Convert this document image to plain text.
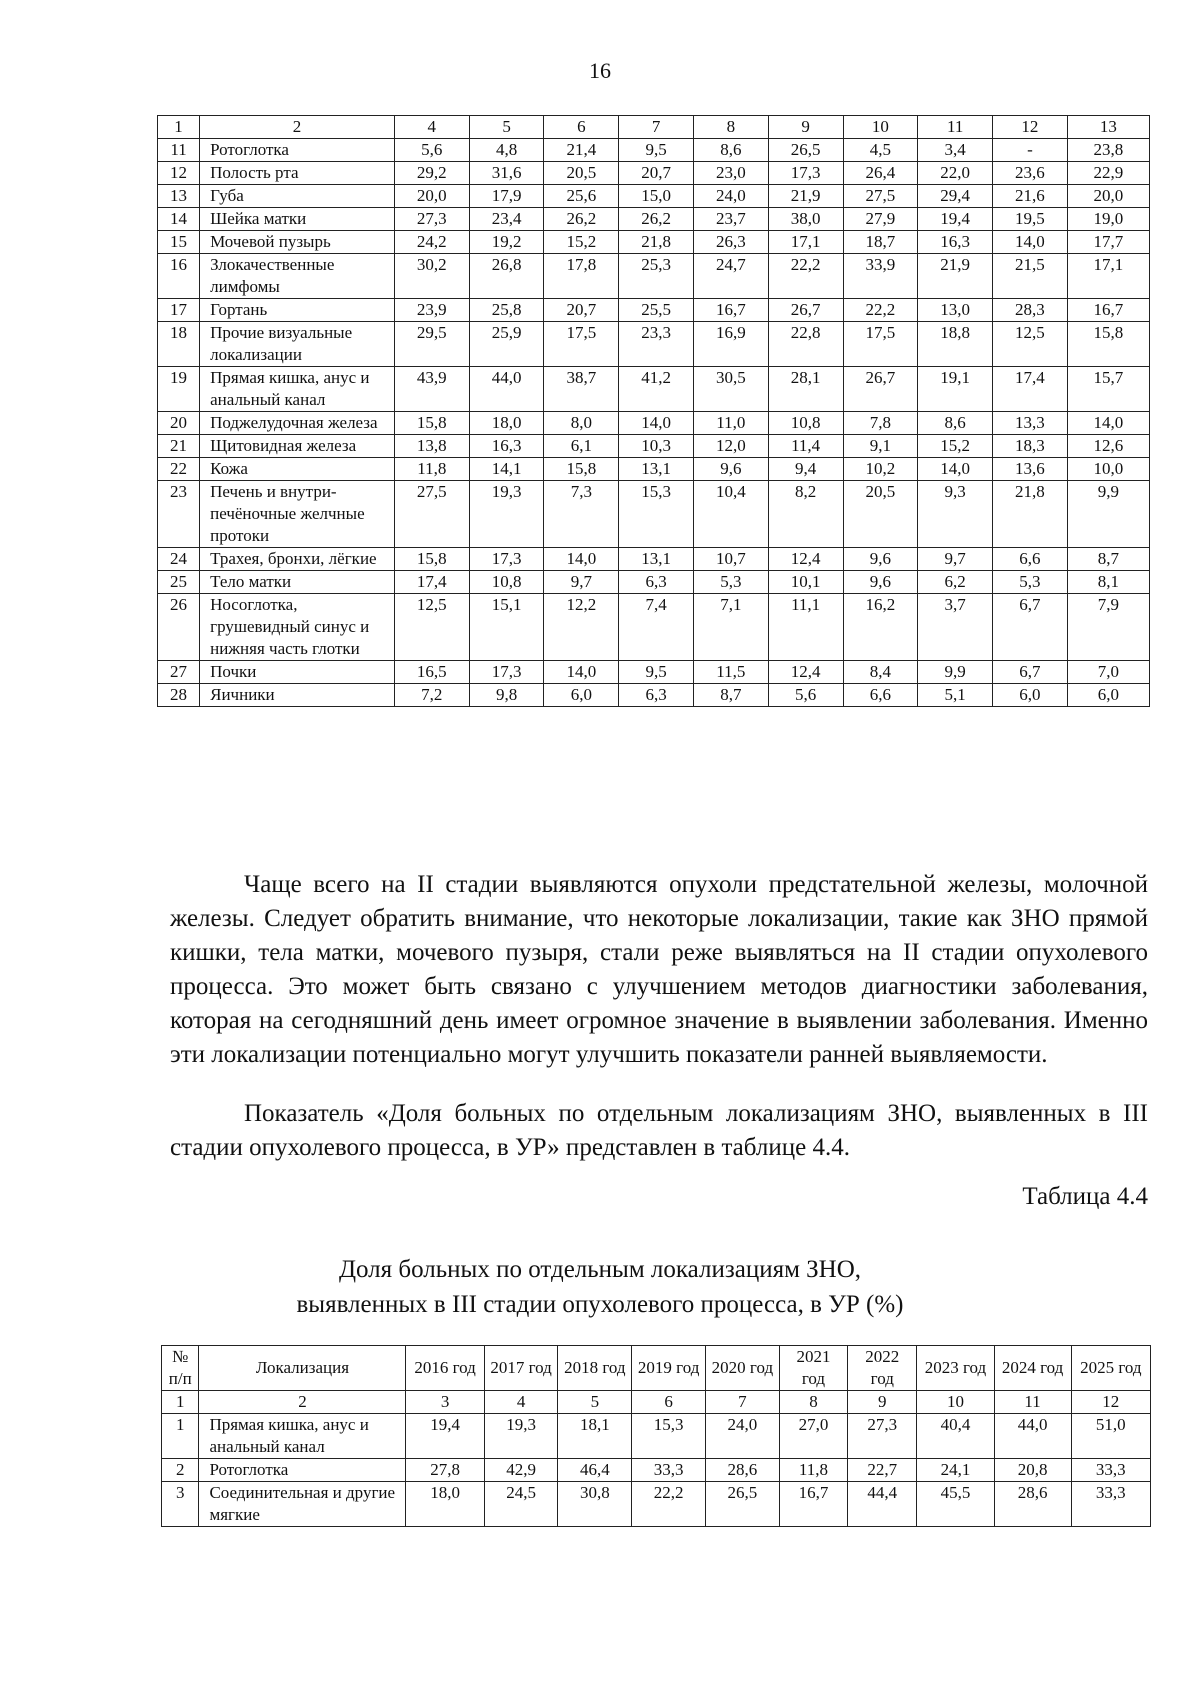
16
1	2	4	5	6	7	8	9	10	11	12	13
11	Ротоглотка	5,6	4,8	21,4	9,5	8,6	26,5	4,5	3,4	-	23,8
12	Полость рта	29,2	31,6	20,5	20,7	23,0	17,3	26,4	22,0	23,6	22,9
13	Губа	20,0	17,9	25,6	15,0	24,0	21,9	27,5	29,4	21,6	20,0
14	Шейка матки	27,3	23,4	26,2	26,2	23,7	38,0	27,9	19,4	19,5	19,0
15	Мочевой пузырь	24,2	19,2	15,2	21,8	26,3	17,1	18,7	16,3	14,0	17,7
16	Злокачественные лимфомы	30,2	26,8	17,8	25,3	24,7	22,2	33,9	21,9	21,5	17,1
17	Гортань	23,9	25,8	20,7	25,5	16,7	26,7	22,2	13,0	28,3	16,7
18	Прочие визуальные локализации	29,5	25,9	17,5	23,3	16,9	22,8	17,5	18,8	12,5	15,8
19	Прямая кишка, анус и анальный канал	43,9	44,0	38,7	41,2	30,5	28,1	26,7	19,1	17,4	15,7
20	Поджелудочная железа	15,8	18,0	8,0	14,0	11,0	10,8	7,8	8,6	13,3	14,0
21	Щитовидная железа	13,8	16,3	6,1	10,3	12,0	11,4	9,1	15,2	18,3	12,6
22	Кожа	11,8	14,1	15,8	13,1	9,6	9,4	10,2	14,0	13,6	10,0
23	Печень и внутри-печёночные желчные протоки	27,5	19,3	7,3	15,3	10,4	8,2	20,5	9,3	21,8	9,9
24	Трахея, бронхи, лёгкие	15,8	17,3	14,0	13,1	10,7	12,4	9,6	9,7	6,6	8,7
25	Тело матки	17,4	10,8	9,7	6,3	5,3	10,1	9,6	6,2	5,3	8,1
26	Носоглотка, грушевидный синус и нижняя часть глотки	12,5	15,1	12,2	7,4	7,1	11,1	16,2	3,7	6,7	7,9
27	Почки	16,5	17,3	14,0	9,5	11,5	12,4	8,4	9,9	6,7	7,0
28	Яичники	7,2	9,8	6,0	6,3	8,7	5,6	6,6	5,1	6,0	6,0
Чаще всего на II стадии выявляются опухоли предстательной железы, молочной железы. Следует обратить внимание, что некоторые локализации, такие как ЗНО прямой кишки, тела матки, мочевого пузыря, стали реже выявляться на II стадии опухолевого процесса. Это может быть связано с улучшением методов диагностики заболевания, которая на сегодняшний день имеет огромное значение в выявлении заболевания. Именно эти локализации потенциально могут улучшить показатели ранней выявляемости.
Показатель «Доля больных по отдельным локализациям ЗНО, выявленных в III стадии опухолевого процесса, в УР» представлен в таблице 4.4.
Таблица 4.4
Доля больных по отдельным локализациям ЗНО,
выявленных в III стадии опухолевого процесса, в УР (%)
№ п/п	Локализация	2016 год	2017 год	2018 год	2019 год	2020 год	2021 год	2022 год	2023 год	2024 год	2025 год
1	2	3	4	5	6	7	8	9	10	11	12
1	Прямая кишка, анус и анальный канал	19,4	19,3	18,1	15,3	24,0	27,0	27,3	40,4	44,0	51,0
2	Ротоглотка	27,8	42,9	46,4	33,3	28,6	11,8	22,7	24,1	20,8	33,3
3	Соединительная и другие мягкие	18,0	24,5	30,8	22,2	26,5	16,7	44,4	45,5	28,6	33,3
